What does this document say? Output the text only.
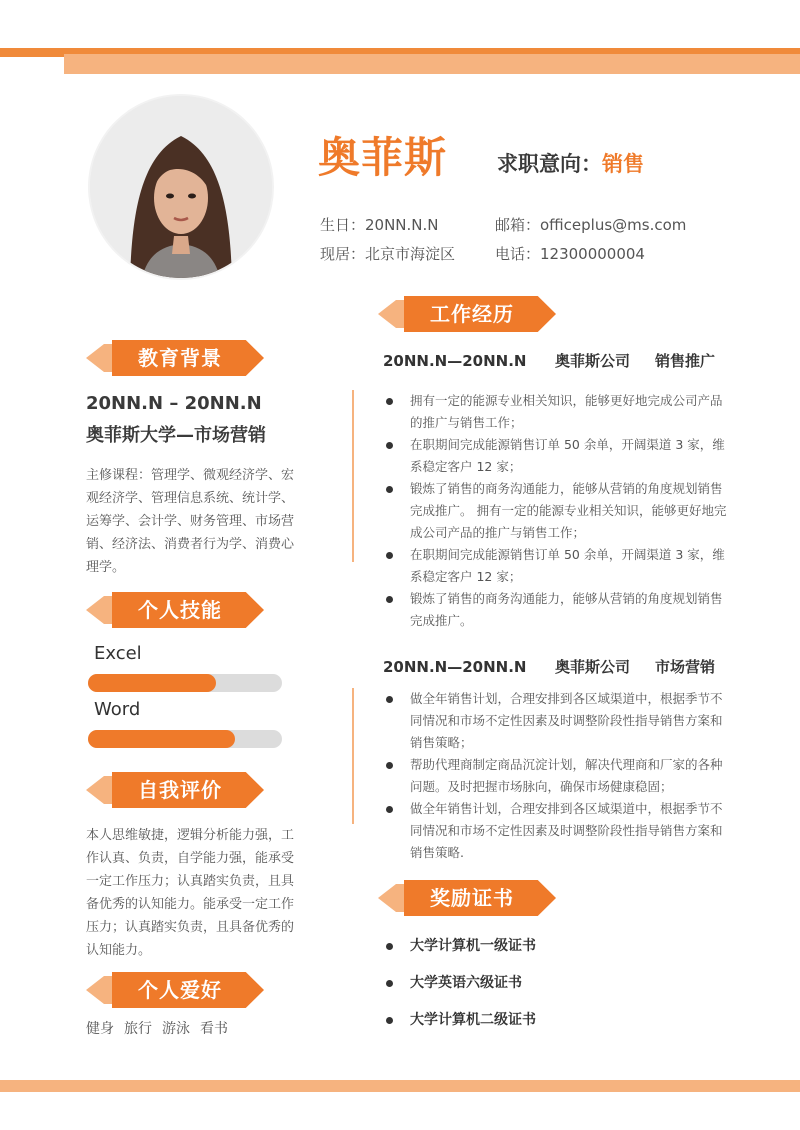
奥菲斯 求职意向：销售
生日：20NN.N.N
现居：北京市海淀区
邮箱：officeplus@ms.com
电话：12300000004
教育背景
20NN.N – 20NN.N
奥菲斯大学—市场营销
主修课程：管理学、微观经济学、宏观经济学、管理信息系统、统计学、运筹学、会计学、财务管理、市场营销、经济法、消费者行为学、消费心理学。
个人技能
Excel
Word
自我评价
本人思维敏捷，逻辑分析能力强，工作认真、负责，自学能力强，能承受一定工作压力；认真踏实负责，且具备优秀的认知能力。能承受一定工作压力；认真踏实负责，且具备优秀的认知能力。
个人爱好
健身 旅行 游泳 看书
工作经历
20NN.N—20NN.N 奥菲斯公司 销售推广
拥有一定的能源专业相关知识，能够更好地完成公司产品的推广与销售工作；
在职期间完成能源销售订单 50 余单，开阔渠道 3 家，维系稳定客户 12 家；
锻炼了销售的商务沟通能力，能够从营销的角度规划销售完成推广。 拥有一定的能源专业相关知识，能够更好地完成公司产品的推广与销售工作；
在职期间完成能源销售订单 50 余单，开阔渠道 3 家，维系稳定客户 12 家；
锻炼了销售的商务沟通能力，能够从营销的角度规划销售完成推广。
20NN.N—20NN.N 奥菲斯公司 市场营销
做全年销售计划，合理安排到各区域渠道中，根据季节不同情况和市场不定性因素及时调整阶段性指导销售方案和销售策略；
帮助代理商制定商品沉淀计划，解决代理商和厂家的各种问题。及时把握市场脉向，确保市场健康稳固；
做全年销售计划，合理安排到各区域渠道中，根据季节不同情况和市场不定性因素及时调整阶段性指导销售方案和销售策略.
奖励证书
大学计算机一级证书
大学英语六级证书
大学计算机二级证书
